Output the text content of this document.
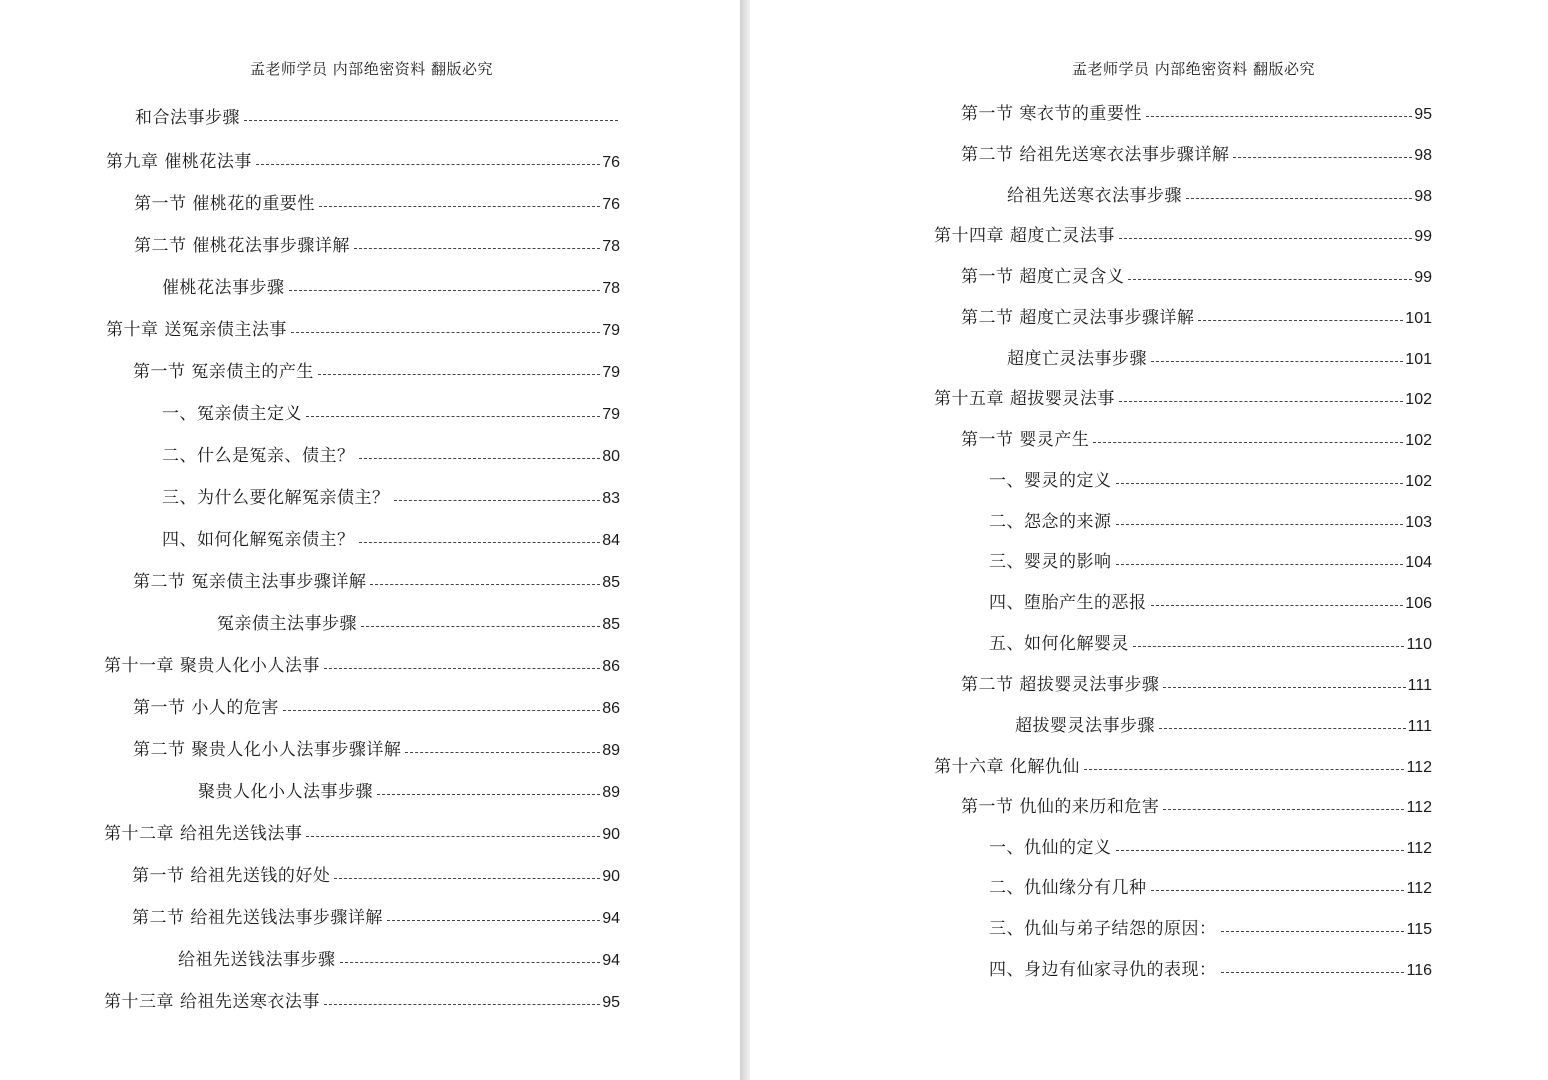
孟老师学员 内部绝密资料 翻版必究
和合法事步骤
第九章 催桃花法事	76
第一节 催桃花的重要性	76
第二节 催桃花法事步骤详解	78
催桃花法事步骤	78
第十章 送冤亲债主法事	79
第一节 冤亲债主的产生	79
一、冤亲债主定义	79
二、什么是冤亲、债主？	80
三、为什么要化解冤亲债主？	83
四、如何化解冤亲债主？	84
第二节 冤亲债主法事步骤详解	85
冤亲债主法事步骤	85
第十一章 聚贵人化小人法事	86
第一节 小人的危害	86
第二节 聚贵人化小人法事步骤详解	89
聚贵人化小人法事步骤	89
第十二章 给祖先送钱法事	90
第一节 给祖先送钱的好处	90
第二节 给祖先送钱法事步骤详解	94
给祖先送钱法事步骤	94
第十三章 给祖先送寒衣法事	95
孟老师学员 内部绝密资料 翻版必究
第一节 寒衣节的重要性	95
第二节 给祖先送寒衣法事步骤详解	98
给祖先送寒衣法事步骤	98
第十四章 超度亡灵法事	99
第一节 超度亡灵含义	99
第二节 超度亡灵法事步骤详解	101
超度亡灵法事步骤	101
第十五章 超拔婴灵法事	102
第一节 婴灵产生	102
一、婴灵的定义	102
二、怨念的来源	103
三、婴灵的影响	104
四、堕胎产生的恶报	106
五、如何化解婴灵	110
第二节 超拔婴灵法事步骤	111
超拔婴灵法事步骤	111
第十六章 化解仇仙	112
第一节 仇仙的来历和危害	112
一、仇仙的定义	112
二、仇仙缘分有几种	112
三、仇仙与弟子结怨的原因：	115
四、身边有仙家寻仇的表现：	116
